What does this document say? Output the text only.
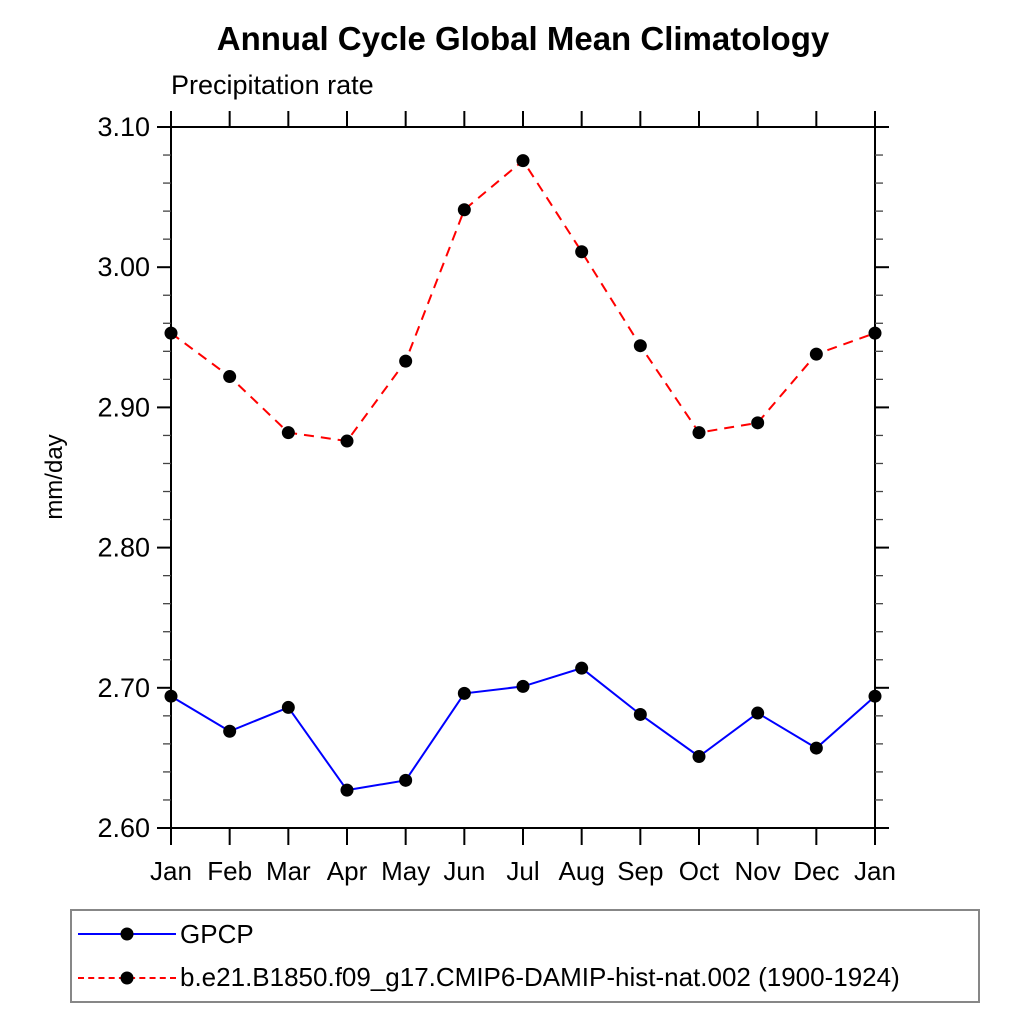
Annual Cycle Global Mean Climatology
Precipitation rate
mm/day
2.60
2.70
2.80
2.90
3.00
3.10
Jan Feb Mar Apr May Jun Jul Aug Sep Oct Nov Dec Jan
GPCP
b.e21.B1850.f09_g17.CMIP6-DAMIP-hist-nat.002 (1900-1924)
